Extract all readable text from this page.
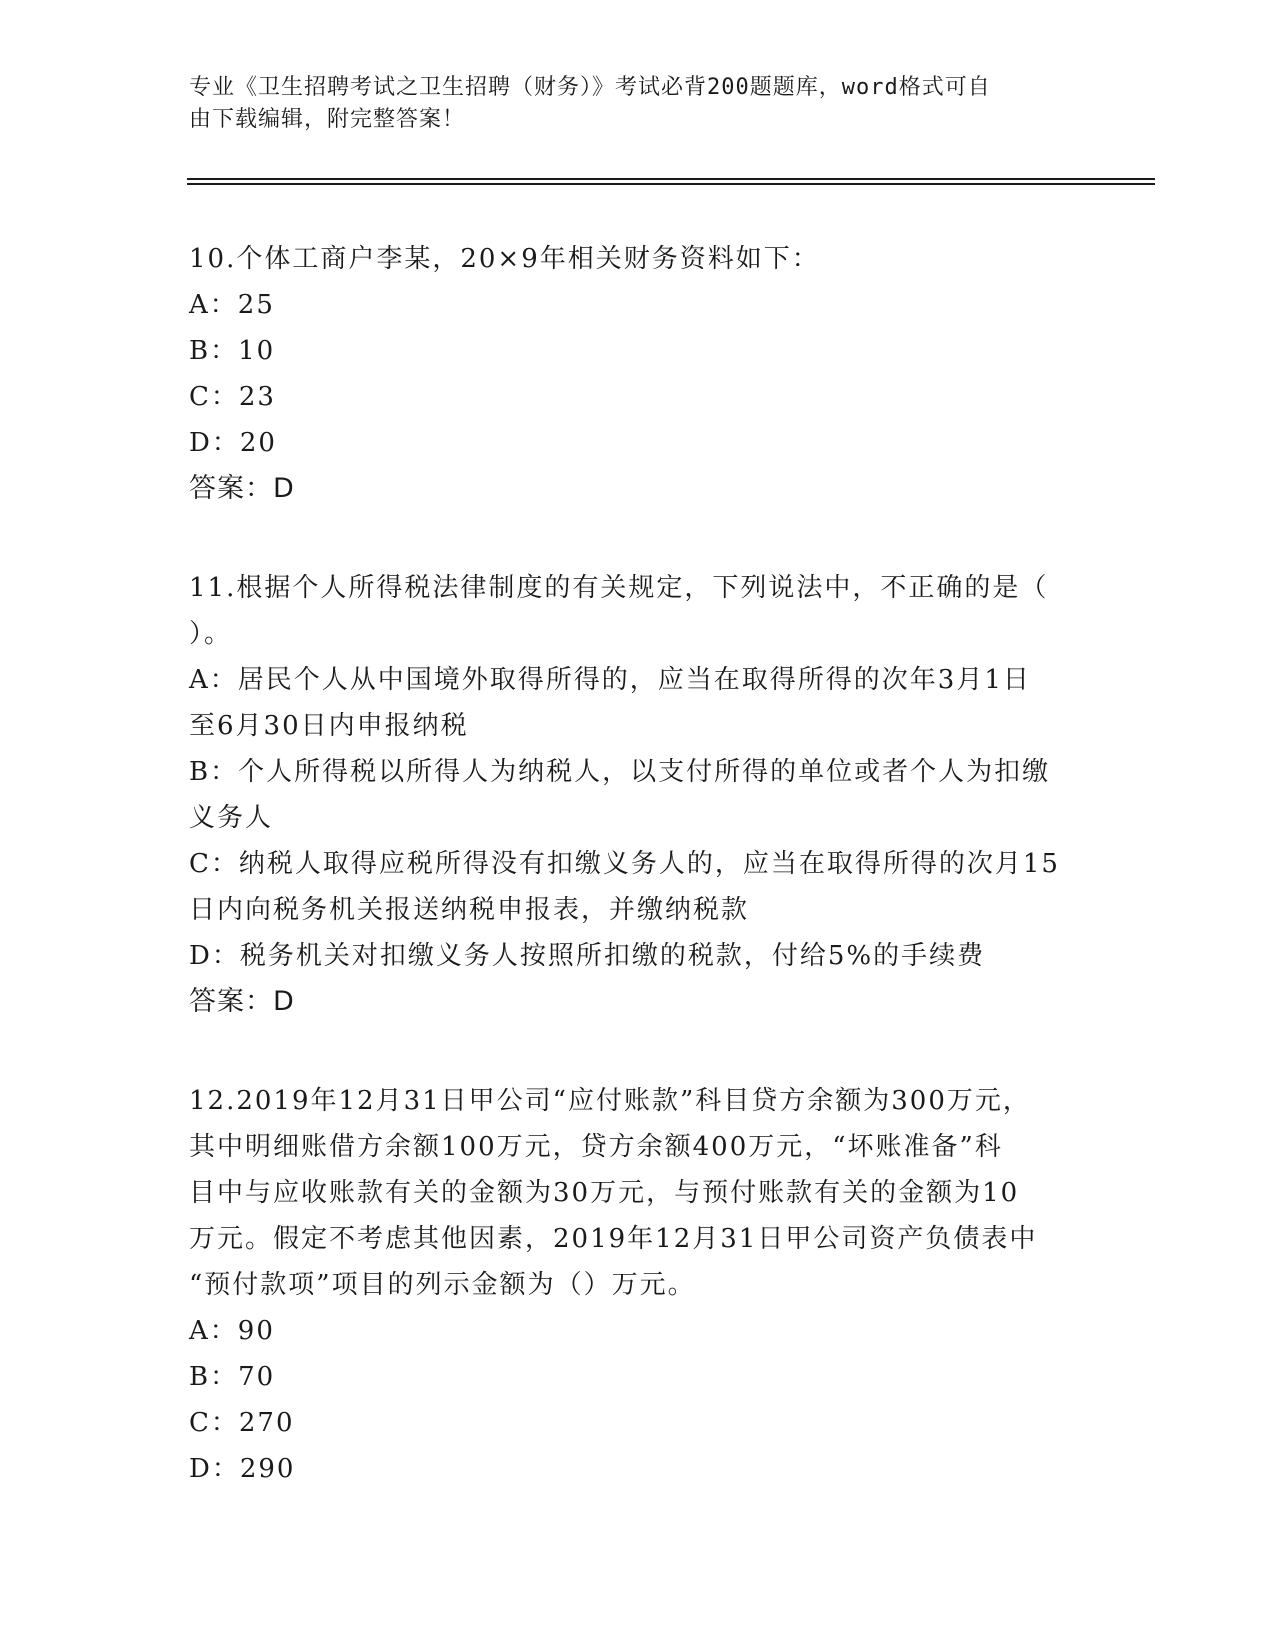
专业《卫生招聘考试之卫生招聘（财务）》考试必背200题题库，word格式可自
由下载编辑，附完整答案！
10.个体工商户李某，20×9年相关财务资料如下：
A：25
B：10
C：23
D：20
答案：D
11.根据个人所得税法律制度的有关规定，下列说法中，不正确的是（
）。
A：居民个人从中国境外取得所得的，应当在取得所得的次年3月1日
至6月30日内申报纳税
B：个人所得税以所得人为纳税人，以支付所得的单位或者个人为扣缴
义务人
C：纳税人取得应税所得没有扣缴义务人的，应当在取得所得的次月15
日内向税务机关报送纳税申报表，并缴纳税款
D：税务机关对扣缴义务人按照所扣缴的税款，付给5%的手续费
答案：D
12.2019年12月31日甲公司“应付账款”科目贷方余额为300万元，
其中明细账借方余额100万元，贷方余额400万元，“坏账准备”科
目中与应收账款有关的金额为30万元，与预付账款有关的金额为10
万元。假定不考虑其他因素，2019年12月31日甲公司资产负债表中
“预付款项”项目的列示金额为（）万元。
A：90
B：70
C：270
D：290
